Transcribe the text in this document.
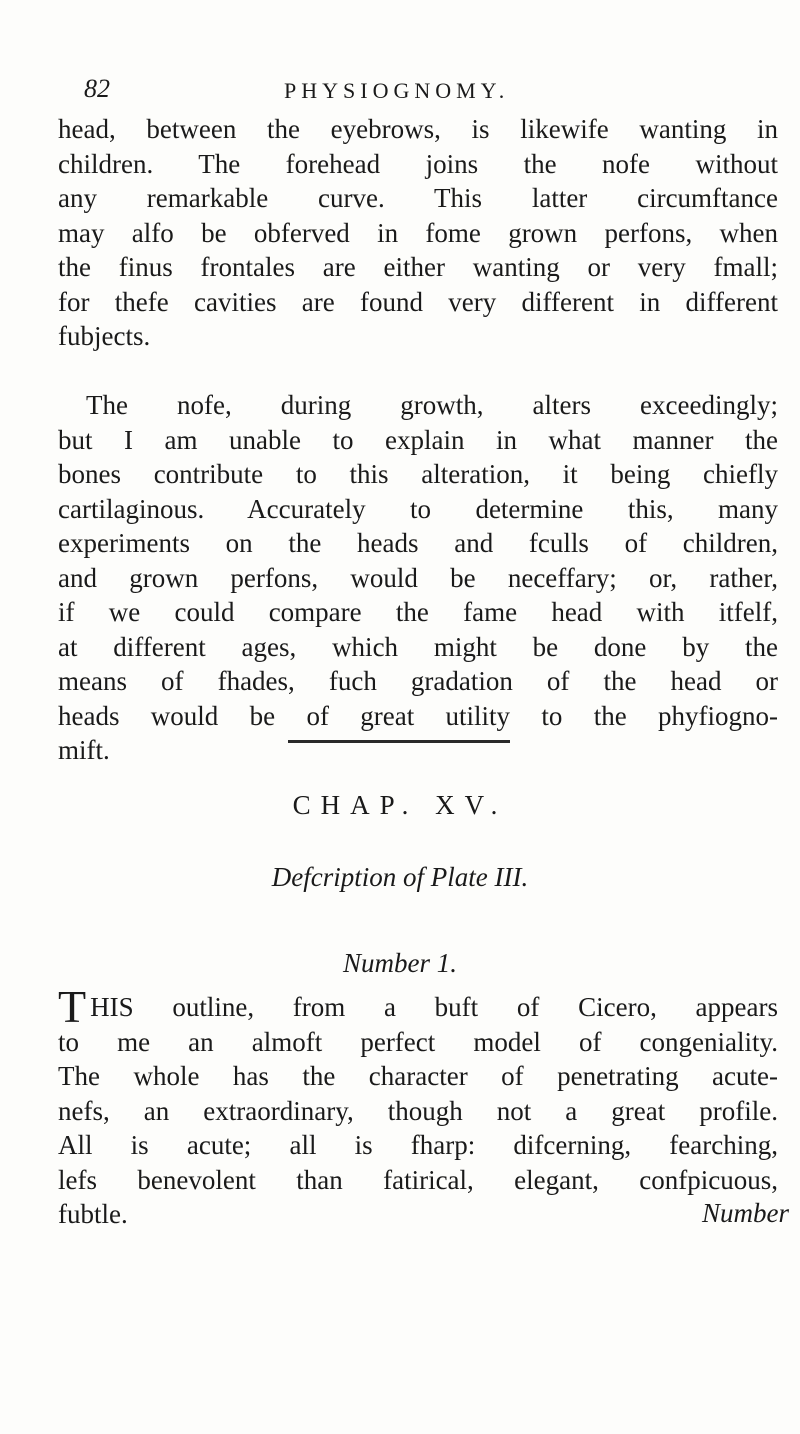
82	PHYSIOGNOMY.
head, between the eyebrows, is likewife wanting in
children. The forehead joins the nofe without
any remarkable curve. This latter circumftance
may alfo be obferved in fome grown perfons, when
the finus frontales are either wanting or very fmall;
for thefe cavities are found very different in different
fubjects.
The nofe, during growth, alters exceedingly;
but I am unable to explain in what manner the
bones contribute to this alteration, it being chiefly
cartilaginous. Accurately to determine this, many
experiments on the heads and fculls of children,
and grown perfons, would be neceffary; or, rather,
if we could compare the fame head with itfelf,
at different ages, which might be done by the
means of fhades, fuch gradation of the head or
heads would be of great utility to the phyfiogno-
mift.
CHAP. XV.
Defcription of Plate III.
Number 1.
T HIS outline, from a buft of Cicero, appears
to me an almoft perfect model of congeniality.
The whole has the character of penetrating acute-
nefs, an extraordinary, though not a great profile.
All is acute; all is fharp: difcerning, fearching,
lefs benevolent than fatirical, elegant, confpicuous,
fubtle.	Number
